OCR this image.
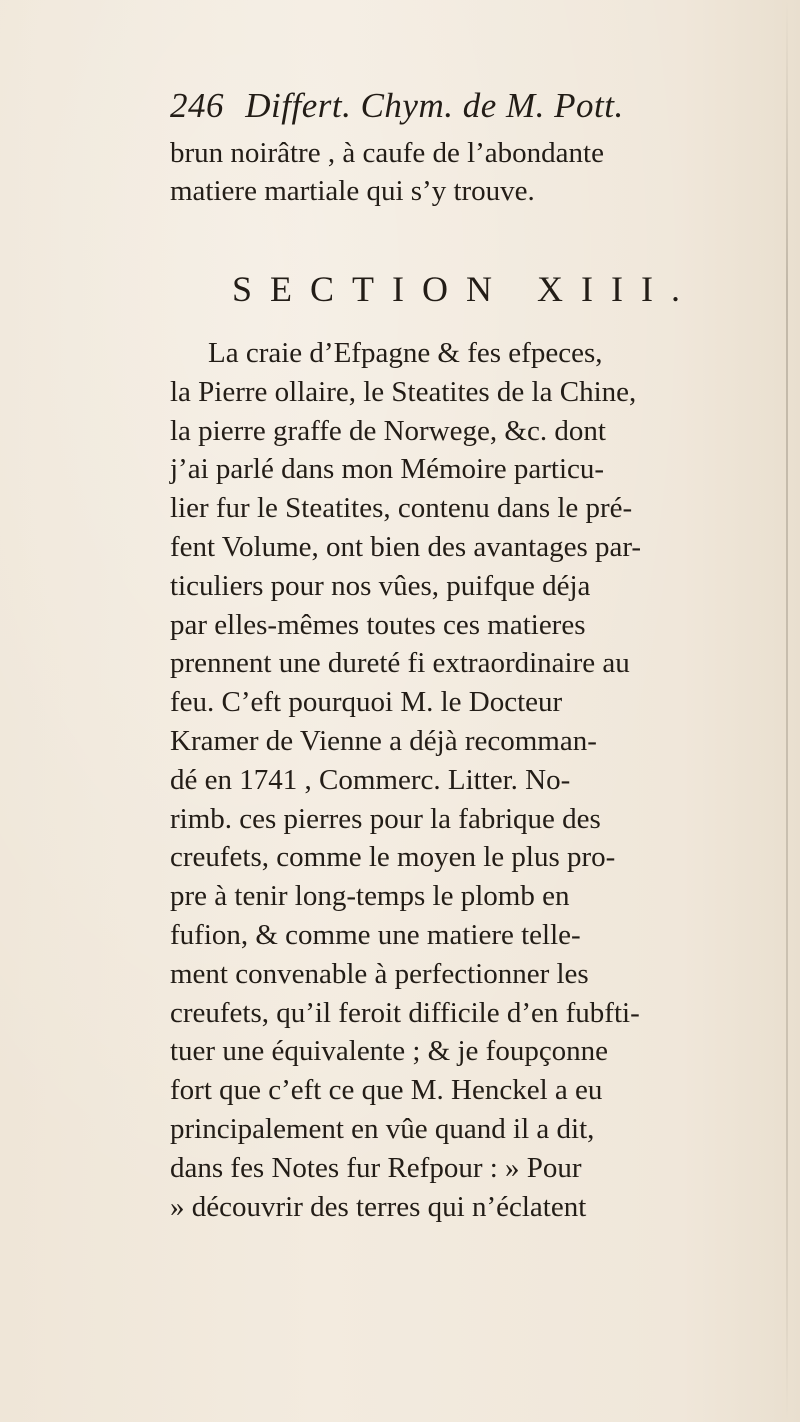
246 Differt. Chym. de M. Pott.
brun noirâtre , à caufe de l’abondante
matiere martiale qui s’y trouve.
SECTION XIII.
La craie d’Efpagne & fes efpeces,
la Pierre ollaire, le Steatites de la Chine,
la pierre graffe de Norwege, &c. dont
j’ai parlé dans mon Mémoire particu-
lier fur le Steatites, contenu dans le pré-
fent Volume, ont bien des avantages par-
ticuliers pour nos vûes, puifque déja
par elles-mêmes toutes ces matieres
prennent une dureté fi extraordinaire au
feu. C’eft pourquoi M. le Docteur
Kramer de Vienne a déjà recomman-
dé en 1741 , Commerc. Litter. No-
rimb. ces pierres pour la fabrique des
creufets, comme le moyen le plus pro-
pre à tenir long-temps le plomb en
fufion, & comme une matiere telle-
ment convenable à perfectionner les
creufets, qu’il feroit difficile d’en fubfti-
tuer une équivalente ; & je foupçonne
fort que c’eft ce que M. Henckel a eu
principalement en vûe quand il a dit,
dans fes Notes fur Refpour : » Pour
» découvrir des terres qui n’éclatent
